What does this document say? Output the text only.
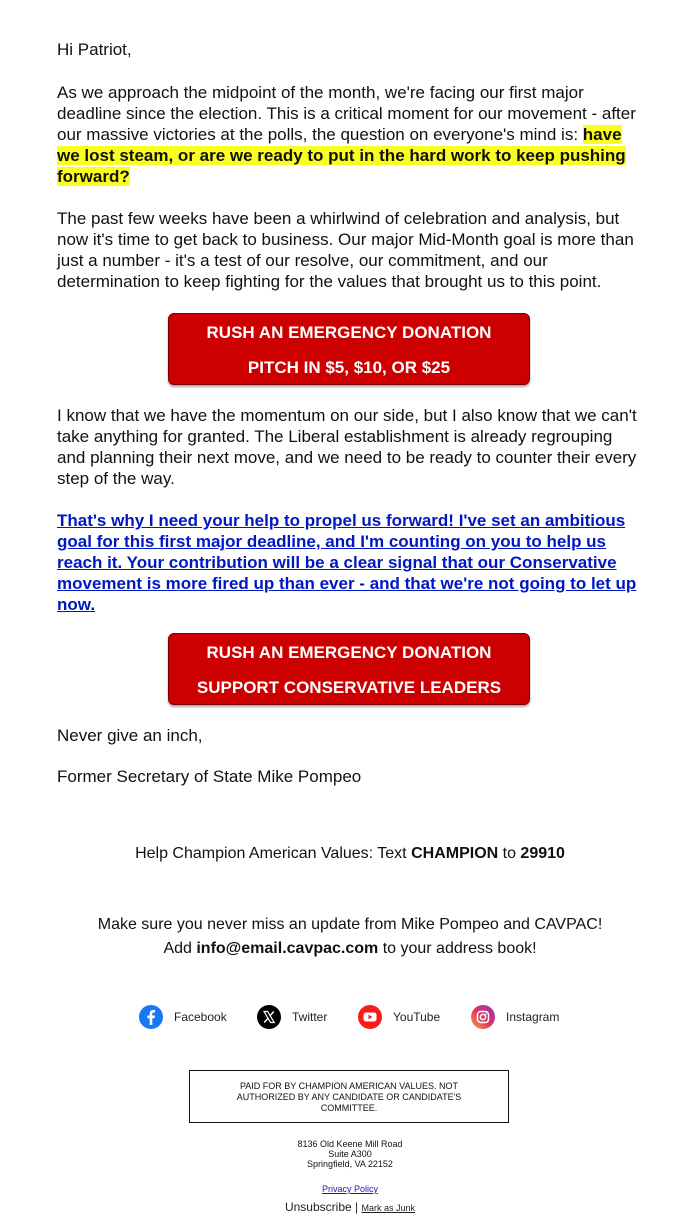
Hi Patriot,

As we approach the midpoint of the month, we're facing our first major deadline since the election. This is a critical moment for our movement - after our massive victories at the polls, the question on everyone's mind is: have we lost steam, or are we ready to put in the hard work to keep pushing forward?

The past few weeks have been a whirlwind of celebration and analysis, but now it's time to get back to business. Our major Mid-Month goal is more than just a number - it's a test of our resolve, our commitment, and our determination to keep fighting for the values that brought us to this point.

RUSH AN EMERGENCY DONATION
PITCH IN $5, $10, OR $25

I know that we have the momentum on our side, but I also know that we can't take anything for granted. The Liberal establishment is already regrouping and planning their next move, and we need to be ready to counter their every step of the way.

That's why I need your help to propel us forward! I've set an ambitious goal for this first major deadline, and I'm counting on you to help us reach it. Your contribution will be a clear signal that our Conservative movement is more fired up than ever - and that we're not going to let up now.

RUSH AN EMERGENCY DONATION
SUPPORT CONSERVATIVE LEADERS

Never give an inch,

Former Secretary of State Mike Pompeo

Help Champion American Values: Text CHAMPION to 29910
Make sure you never miss an update from Mike Pompeo and CAVPAC!
Add info@email.cavpac.com to your address book!
Facebook	Twitter	YouTube	Instagram
PAID FOR BY CHAMPION AMERICAN VALUES. NOT AUTHORIZED BY ANY CANDIDATE OR CANDIDATE'S COMMITTEE.
8136 Old Keene Mill Road
Suite A300
Springfield, VA 22152
Privacy Policy
Unsubscribe | Mark as Junk
